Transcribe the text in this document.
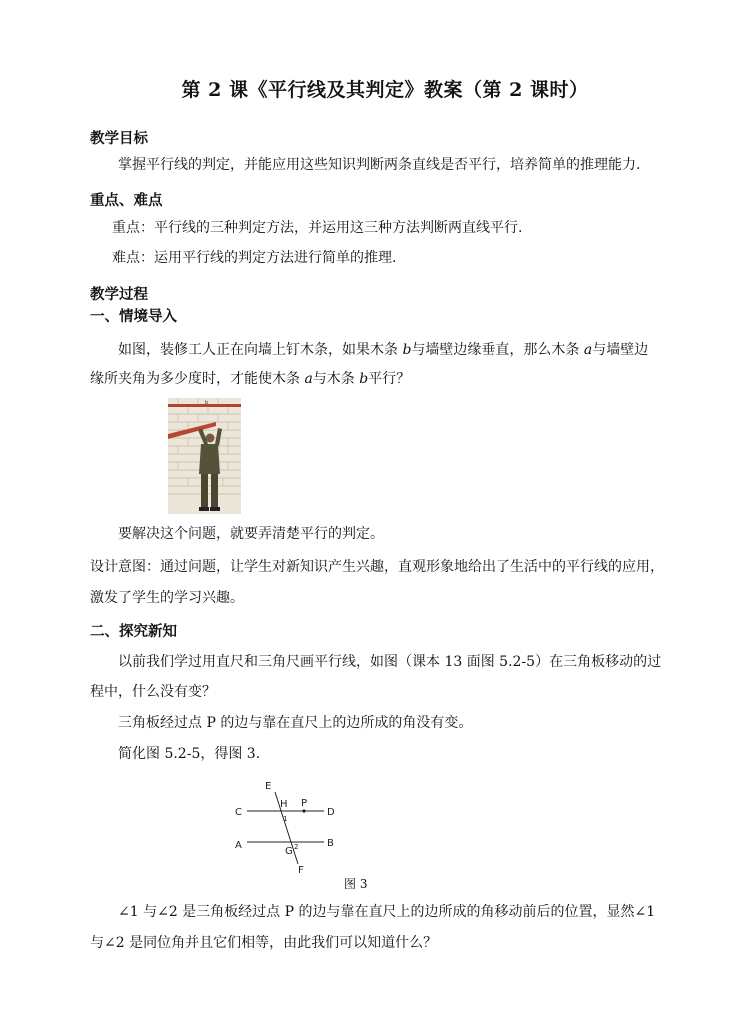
第 2 课《平行线及其判定》教案（第 2 课时）
教学目标
掌握平行线的判定，并能应用这些知识判断两条直线是否平行，培养简单的推理能力.
重点、难点
重点：平行线的三种判定方法，并运用这三种方法判断两直线平行.
难点：运用平行线的判定方法进行简单的推理.
教学过程
一、情境导入
如图，装修工人正在向墙上钉木条，如果木条 b与墙壁边缘垂直，那么木条 a与墙壁边
缘所夹角为多少度时，才能使木条 a与木条 b平行？
b
要解决这个问题，就要弄清楚平行的判定。
设计意图：通过问题，让学生对新知识产生兴趣，直观形象地给出了生活中的平行线的应用，
激发了学生的学习兴趣。
二、探究新知
以前我们学过用直尺和三角尺画平行线，如图（课本 13 面图 5.2-5）在三角板移动的过
程中，什么没有变？
三角板经过点 P 的边与靠在直尺上的边所成的角没有变。
简化图 5.2-5，得图 3.
E
C
H P
D
1
A
G 2	B
F
图 3
∠1 与∠2 是三角板经过点 P 的边与靠在直尺上的边所成的角移动前后的位置，显然∠1
与∠2 是同位角并且它们相等，由此我们可以知道什么？
